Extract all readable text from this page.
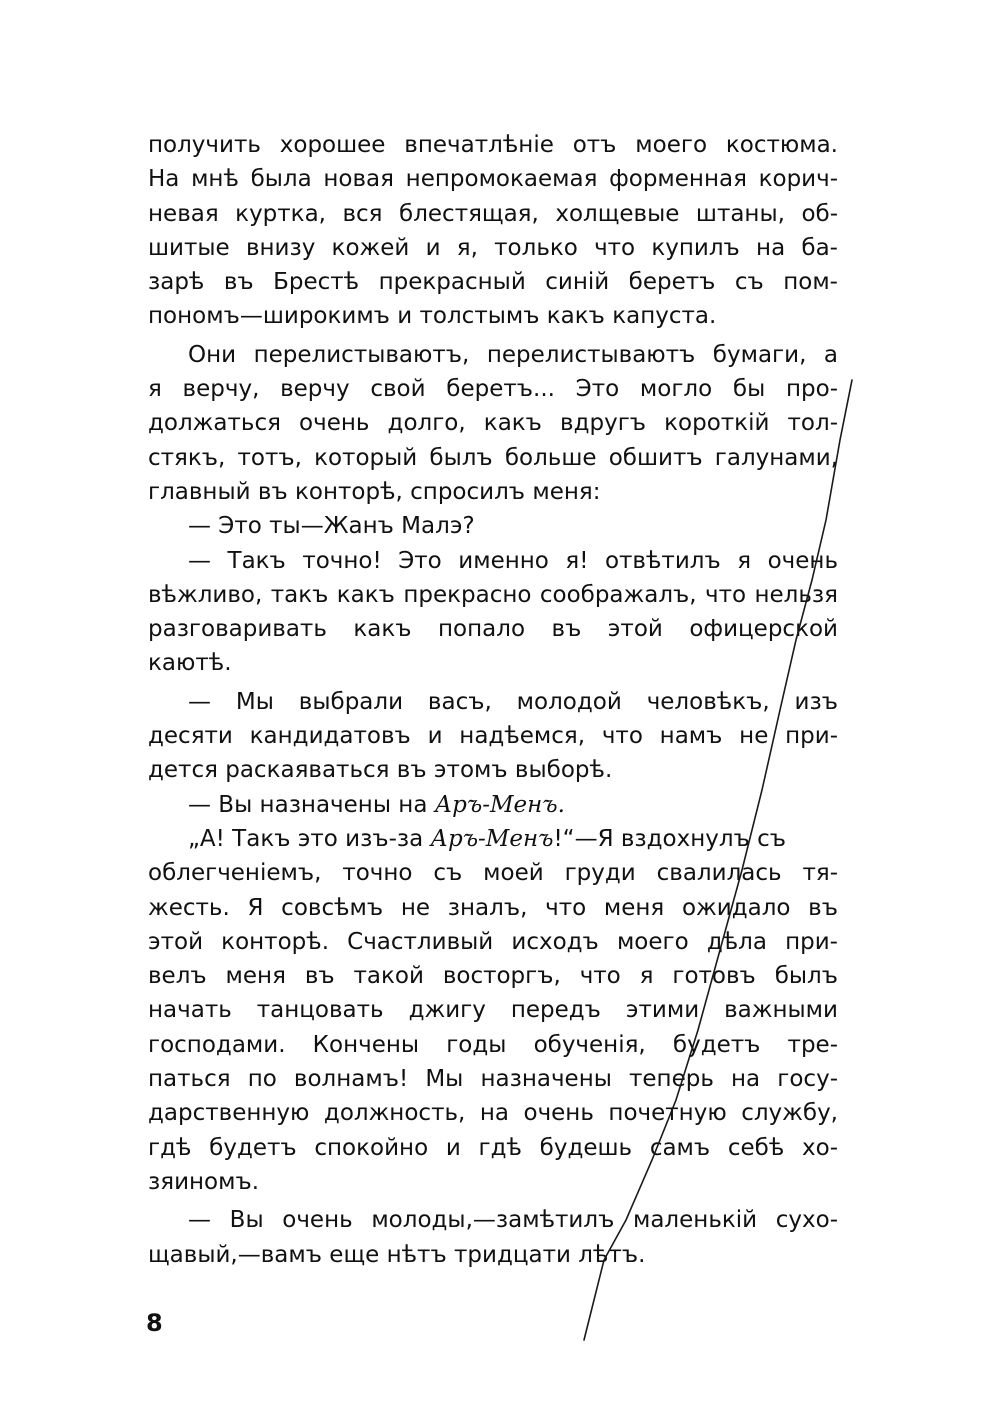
получить хорошее впечатлѣніе отъ моего костюма.
На мнѣ была новая непромокаемая форменная корич-
невая куртка, вся блестящая, холщевые штаны, об-
шитые внизу кожей и я, только что купилъ на ба-
зарѣ въ Брестѣ прекрасный синій беретъ съ пом-
пономъ—широкимъ и толстымъ какъ капуста.
Они перелистываютъ, перелистываютъ бумаги, а
я верчу, верчу свой беретъ... Это могло бы про-
должаться очень долго, какъ вдругъ короткій тол-
стякъ, тотъ, который былъ больше обшитъ галунами,
главный въ конторѣ, спросилъ меня:
— Это ты—Жанъ Малэ?
— Такъ точно! Это именно я! отвѣтилъ я очень
вѣжливо, такъ какъ прекрасно соображалъ, что нельзя
разговаривать какъ попало въ этой офицерской
каютѣ.
— Мы выбрали васъ, молодой человѣкъ, изъ
десяти кандидатовъ и надѣемся, что намъ не при-
дется раскаяваться въ этомъ выборѣ.
— Вы назначены на Аръ-Менъ.
„А! Такъ это изъ-за Аръ-Менъ!“—Я вздохнулъ съ
облегченіемъ, точно съ моей груди свалилась тя-
жесть. Я совсѣмъ не зналъ, что меня ожидало въ
этой конторѣ. Счастливый исходъ моего дѣла при-
велъ меня въ такой восторгъ, что я готовъ былъ
начать танцовать джигу передъ этими важными
господами. Кончены годы обученія, будетъ тре-
паться по волнамъ! Мы назначены теперь на госу-
дарственную должность, на очень почетную службу,
гдѣ будетъ спокойно и гдѣ будешь самъ себѣ хо-
зяиномъ.
— Вы очень молоды,—замѣтилъ маленькій сухо-
щавый,—вамъ еще нѣтъ тридцати лѣтъ.
8
